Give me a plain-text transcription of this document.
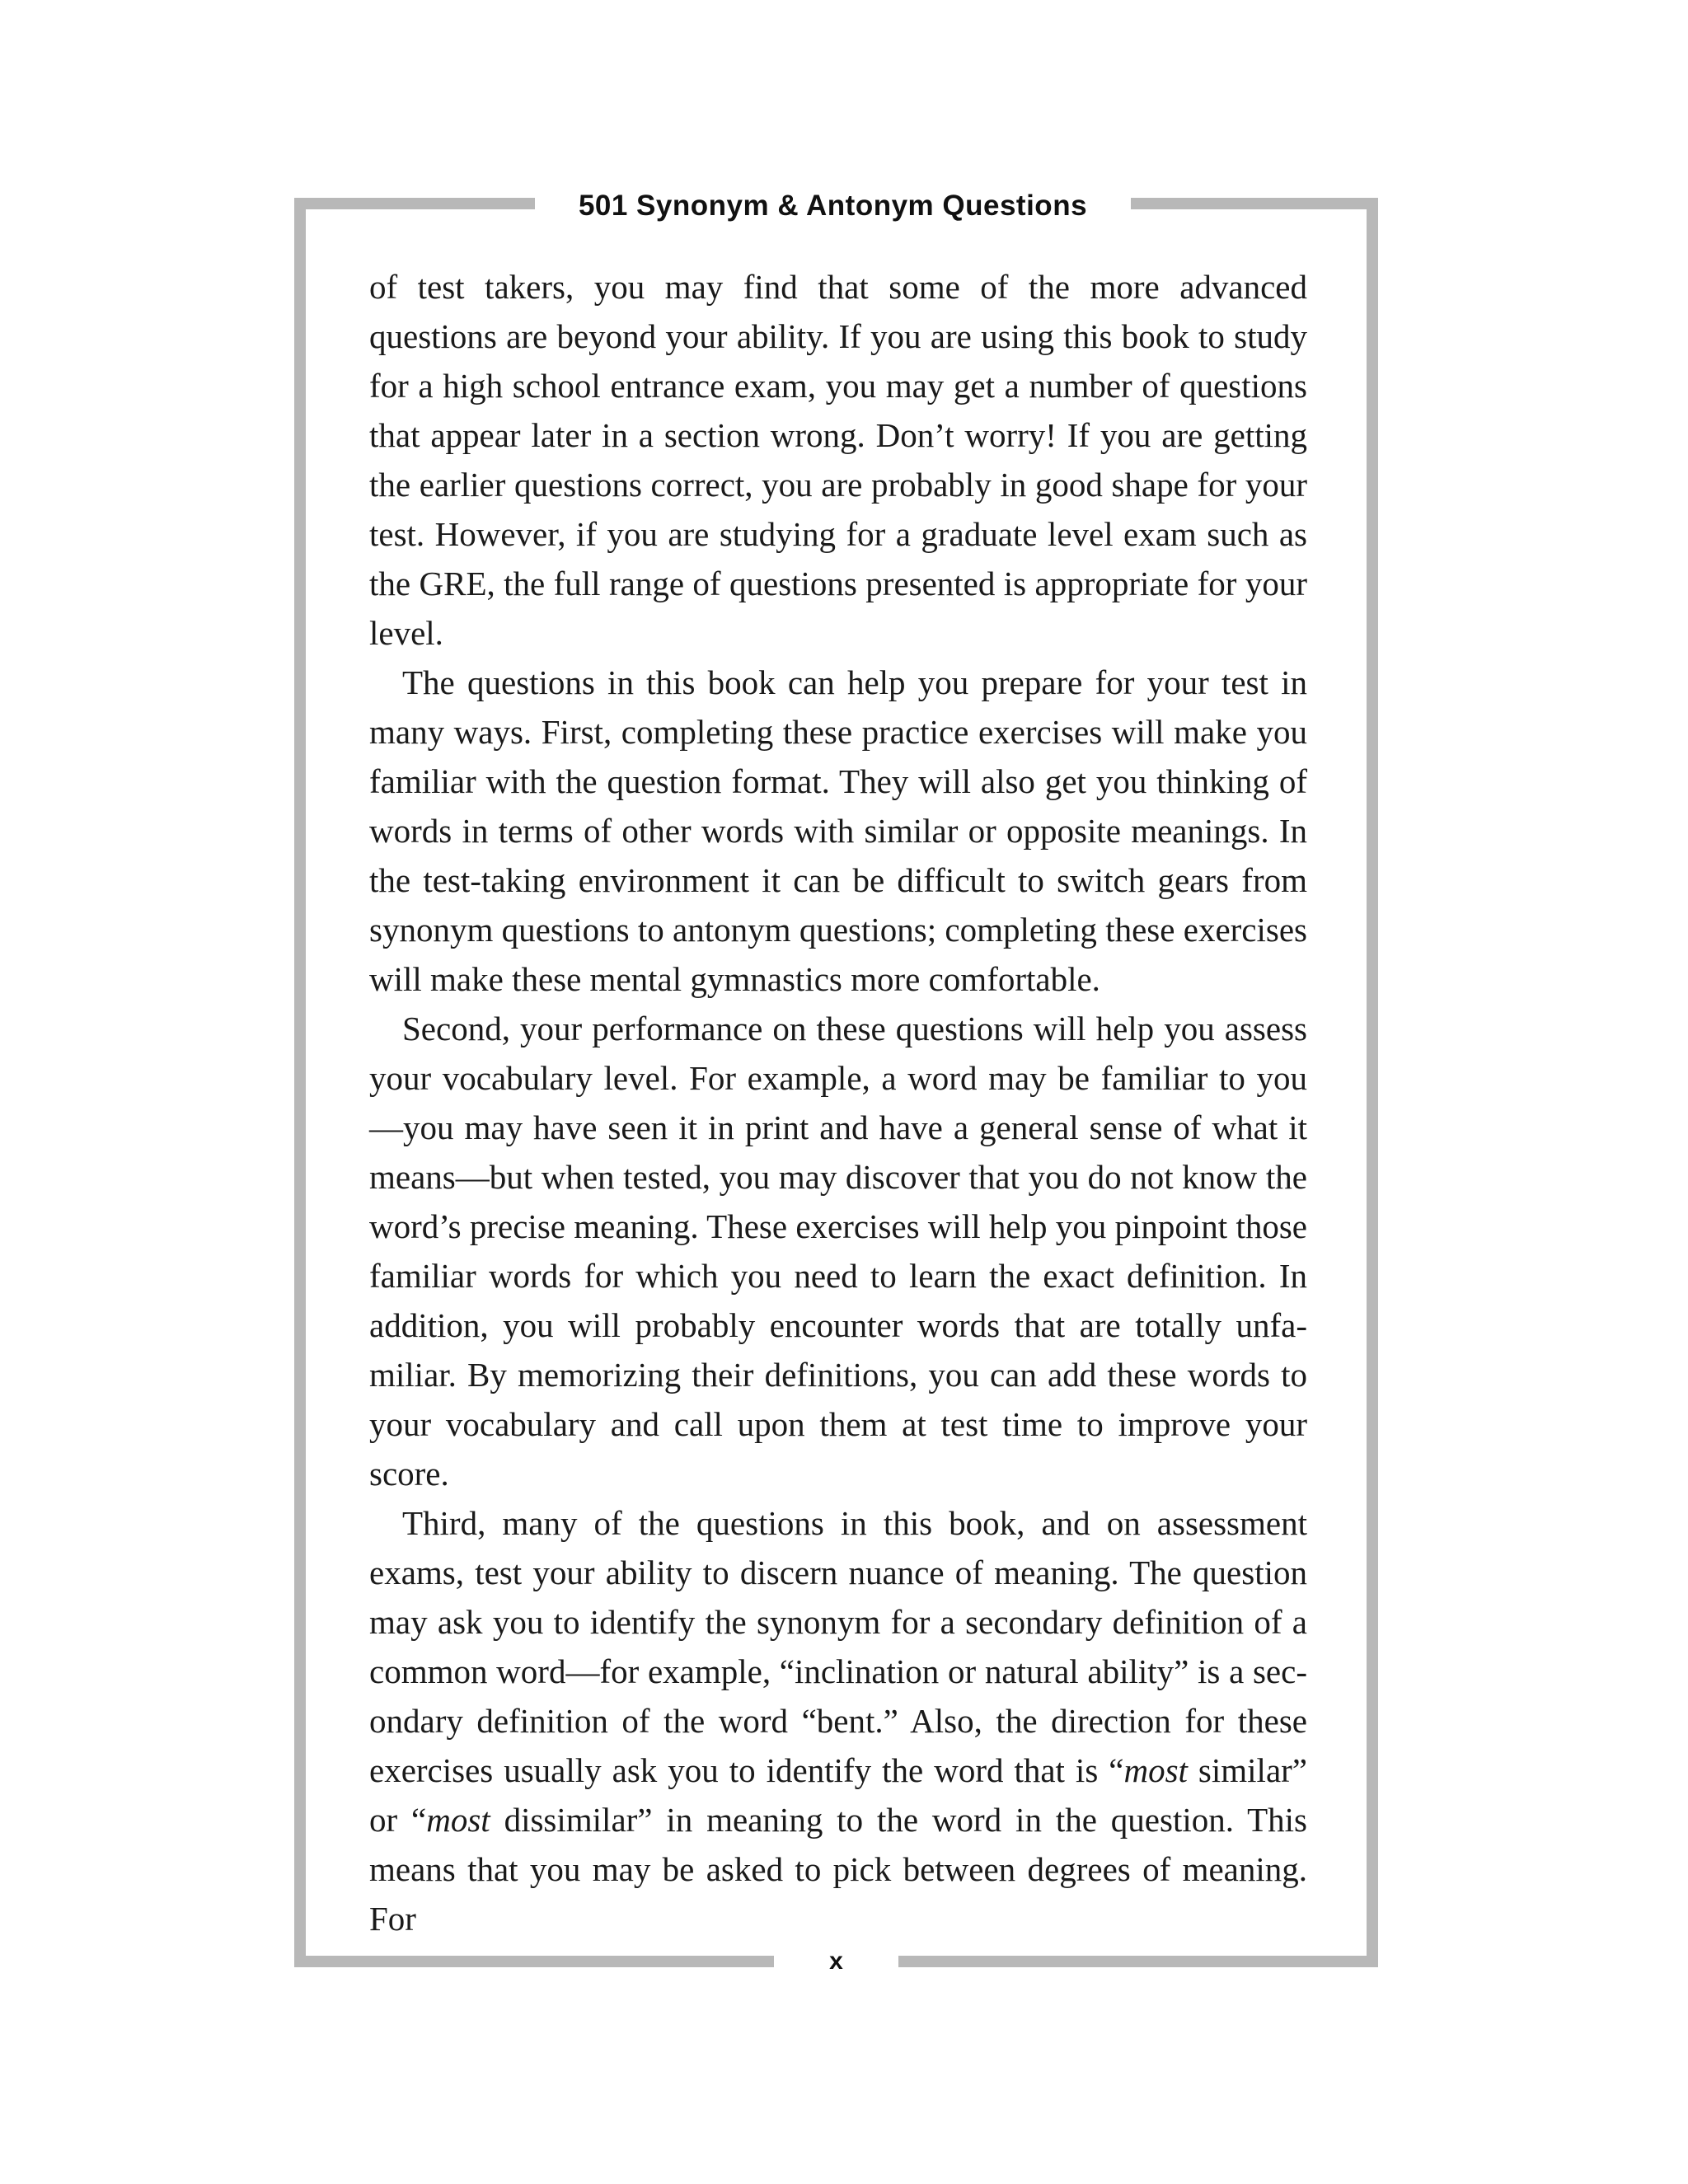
501 Synonym & Antonym Questions

of test takers, you may find that some of the more advanced questions are beyond your ability. If you are using this book to study for a high school entrance exam, you may get a number of questions that appear later in a section wrong. Don’t worry! If you are getting the earlier questions correct, you are probably in good shape for your test. However, if you are studying for a graduate level exam such as the GRE, the full range of questions presented is appropriate for your level.

The questions in this book can help you prepare for your test in many ways. First, completing these practice exercises will make you familiar with the question format. They will also get you thinking of words in terms of other words with similar or opposite meanings. In the test-taking environment it can be difficult to switch gears from synonym questions to antonym questions; completing these exercises will make these mental gymnastics more comfortable.

Second, your performance on these questions will help you assess your vocabulary level. For example, a word may be familiar to you—you may have seen it in print and have a general sense of what it means—but when tested, you may discover that you do not know the word’s precise meaning. These exercises will help you pinpoint those familiar words for which you need to learn the exact definition. In addition, you will probably encounter words that are totally unfamiliar. By memorizing their definitions, you can add these words to your vocabulary and call upon them at test time to improve your score.

Third, many of the questions in this book, and on assessment exams, test your ability to discern nuance of meaning. The question may ask you to identify the synonym for a secondary definition of a common word—for example, “inclination or natural ability” is a secondary definition of the word “bent.” Also, the direction for these exercises usually ask you to identify the word that is “most similar” or “most dissimilar” in meaning to the word in the question. This means that you may be asked to pick between degrees of meaning. For

x
